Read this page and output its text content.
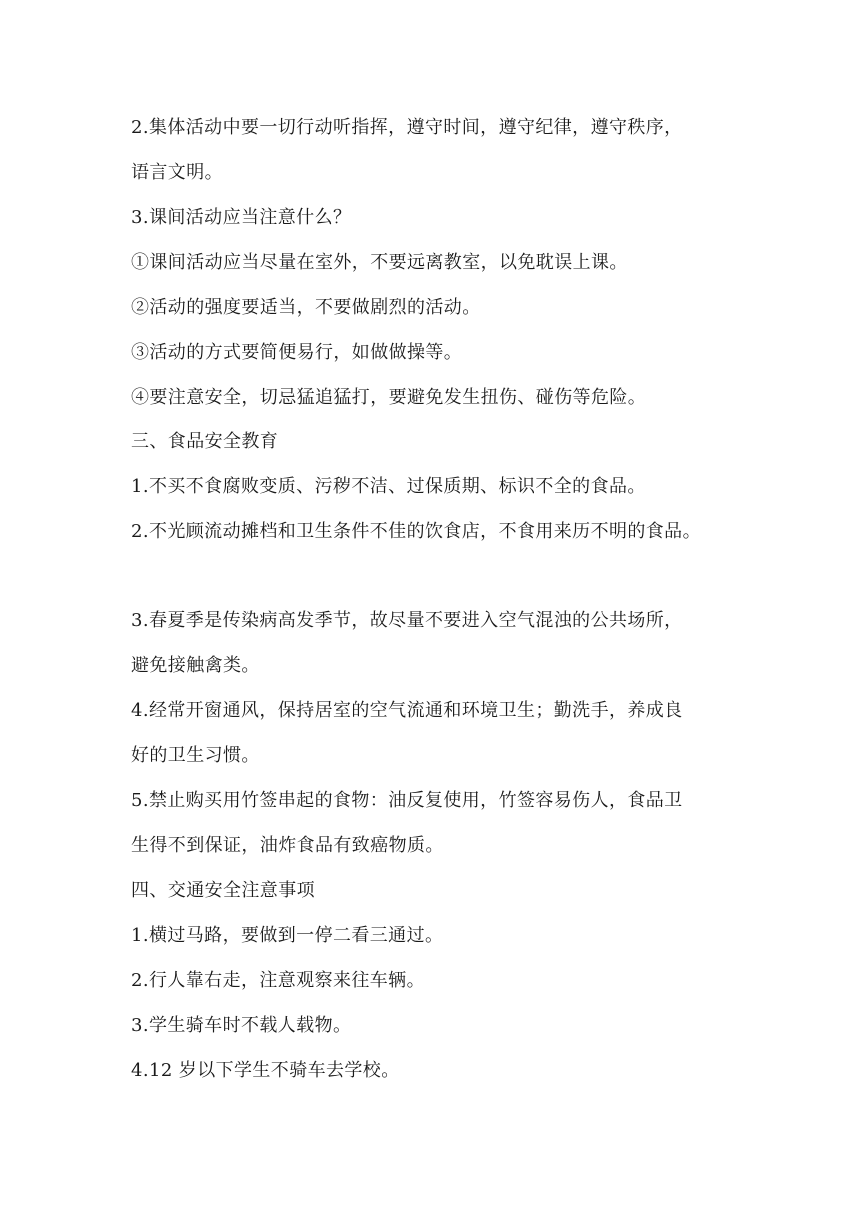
2.集体活动中要一切行动听指挥，遵守时间，遵守纪律，遵守秩序，
语言文明。
3.课间活动应当注意什么？
①课间活动应当尽量在室外，不要远离教室，以免耽误上课。
②活动的强度要适当，不要做剧烈的活动。
③活动的方式要简便易行，如做做操等。
④要注意安全，切忌猛追猛打，要避免发生扭伤、碰伤等危险。
三、食品安全教育
1.不买不食腐败变质、污秽不洁、过保质期、标识不全的食品。
2.不光顾流动摊档和卫生条件不佳的饮食店，不食用来历不明的食品。
3.春夏季是传染病高发季节，故尽量不要进入空气混浊的公共场所，
避免接触禽类。
4.经常开窗通风，保持居室的空气流通和环境卫生；勤洗手，养成良
好的卫生习惯。
5.禁止购买用竹签串起的食物：油反复使用，竹签容易伤人，食品卫
生得不到保证，油炸食品有致癌物质。
四、交通安全注意事项
1.横过马路，要做到一停二看三通过。
2.行人靠右走，注意观察来往车辆。
3.学生骑车时不载人载物。
4.12 岁以下学生不骑车去学校。
